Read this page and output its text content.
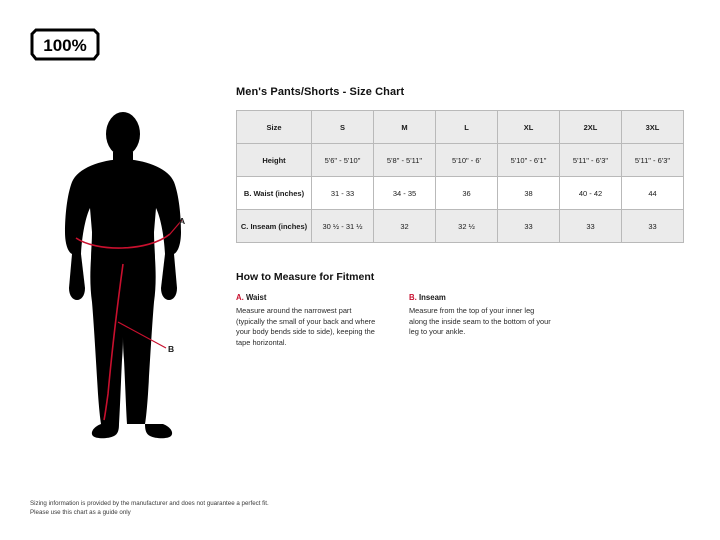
100%
A
B
Men's Pants/Shorts - Size Chart
Size	S	M	L	XL	2XL	3XL
Height	5'6" - 5'10"	5'8" - 5'11"	5'10" - 6'	5'10" - 6'1"	5'11" - 6'3"	5'11" - 6'3"
B. Waist (inches)	31 - 33	34 - 35	36	38	40 - 42	44
C. Inseam (inches)	30 ½ - 31 ½	32	32 ½	33	33	33
How to Measure for Fitment
A. Waist
Measure around the narrowest part (typically the small of your back and where your body bends side to side), keeping the tape horizontal.
B. Inseam
Measure from the top of your inner leg along the inside seam to the bottom of your leg to your ankle.
Sizing information is provided by the manufacturer and does not guarantee a perfect fit.
Please use this chart as a guide only
